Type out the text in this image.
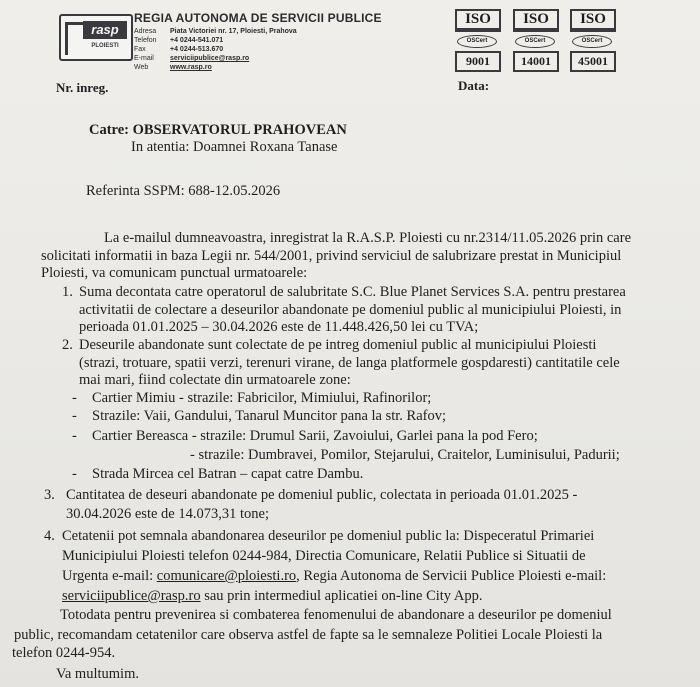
rasp
PLOIESTI
REGIA AUTONOMA DE SERVICII PUBLICE
Adresa Piata Victoriei nr. 17, Ploiesti, Prahova
Telefon +4 0244-541.071
Fax	+4 0244-513.670
E-mail serviciipublice@rasp.ro
Web	www.rasp.ro
ISO
OSCert
9001
ISO
OSCert
14001
ISO
OSCert
45001
Nr. inreg.	Data:
Catre: OBSERVATORUL PRAHOVEAN
In atentia: Doamnei Roxana Tanase
Referinta SSPM: 688-12.05.2026
La e-mailul dumneavoastra, inregistrat la R.A.S.P. Ploiesti cu nr.2314/11.05.2026 prin care
solicitati informatii in baza Legii nr. 544/2001, privind serviciul de salubrizare prestat in Municipiul
Ploiesti, va comunicam punctual urmatoarele:
1. Suma decontata catre operatorul de salubritate S.C. Blue Planet Services S.A. pentru prestarea
activitatii de colectare a deseurilor abandonate pe domeniul public al municipiului Ploiesti, in
perioada 01.01.2025 – 30.04.2026 este de 11.448.426,50 lei cu TVA;
2. Deseurile abandonate sunt colectate de pe intreg domeniul public al municipiului Ploiesti
(strazi, trotuare, spatii verzi, terenuri virane, de langa platformele gospdaresti) cantitatile cele
mai mari, fiind colectate din urmatoarele zone:
- Cartier Mimiu - strazile: Fabricilor, Mimiului, Rafinorilor;
- Strazile: Vaii, Gandului, Tanarul Muncitor pana la str. Rafov;
- Cartier Bereasca - strazile: Drumul Sarii, Zavoiului, Garlei pana la pod Fero;
- strazile: Dumbravei, Pomilor, Stejarului, Craitelor, Luminisului, Padurii;
- Strada Mircea cel Batran – capat catre Dambu.
3. Cantitatea de deseuri abandonate pe domeniul public, colectata in perioada 01.01.2025 -
30.04.2026 este de 14.073,31 tone;
4. Cetatenii pot semnala abandonarea deseurilor pe domeniul public la: Dispeceratul Primariei
Municipiului Ploiesti telefon 0244-984, Directia Comunicare, Relatii Publice si Situatii de
Urgenta e-mail: comunicare@ploiesti.ro, Regia Autonoma de Servicii Publice Ploiesti e-mail:
serviciipublice@rasp.ro sau prin intermediul aplicatiei on-line City App.
Totodata pentru prevenirea si combaterea fenomenului de abandonare a deseurilor pe domeniul
public, recomandam cetatenilor care observa astfel de fapte sa le semnaleze Politiei Locale Ploiesti la
telefon 0244-954.
Va multumim.
